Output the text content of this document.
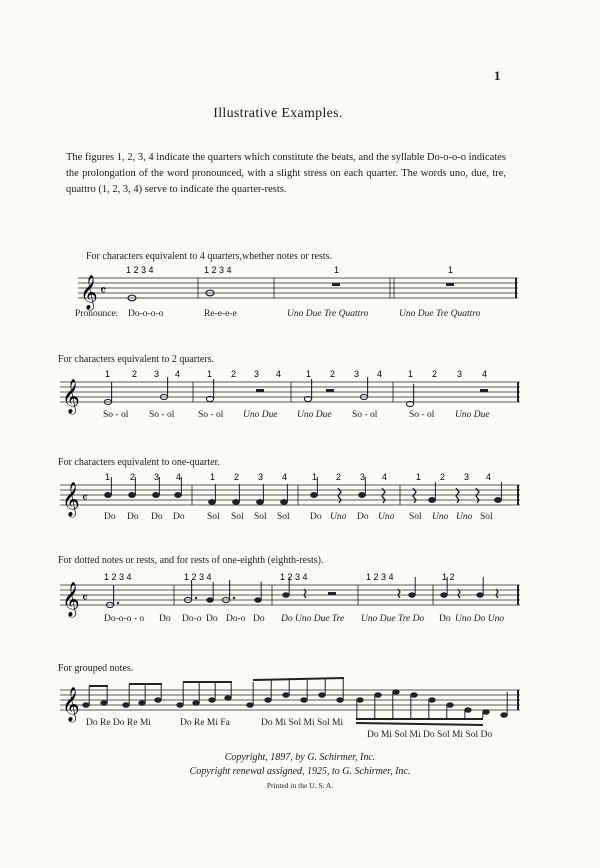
1
Illustrative Examples.
The figures 1, 2, 3, 4 indicate the quarters which constitute the beats, and the syllable Do-o-o-o indicates the prolongation of the word pronounced, with a slight stress on each quarter. The words uno, due, tre, quattro (1, 2, 3, 4) serve to indicate the quarter-rests.
For characters equivalent to 4 quarters,whether notes or rests.
𝄞 𝄴
1 2 3 4	1 2 3 4	1	1
Pronounce: Do-o-o-o	Re-e-e-e	Uno Due Tre Quattro	Uno Due Tre Quattro
For characters equivalent to 2 quarters.
𝄞
1 2 3 4	1 2 3 4	1 2 3 4	1 2 3 4
So - ol So - ol So - ol Uno Due Uno Due So - ol	So - ol Uno Due
For characters equivalent to one-quarter.
𝄞 𝄴
1 2 3 4	1 2 3 4	1 2 3 4	1 2 3 4
Do Do Do Do Sol Sol Sol Sol Do Uno Do Uno Sol Uno Uno Sol
For dotted notes or rests, and for rests of one-eighth (eighth-rests).
𝄞 𝄴
1 2 3 4	1 2 3 4	1 2 3 4	1 2 3 4	1 2
Do-o-o - o Do Do-o Do Do-o Do Do Uno Due Tre Uno Due Tre Do Do Uno Do Uno
For grouped notes.
𝄞
Do Re Do Re Mi	Do Re Mi Fa	Do Mi Sol Mi Sol Mi
Do Mi Sol Mi Do Sol Mi Sol Do
Copyright, 1897, by G. Schirmer, Inc.
Copyright renewal assigned, 1925, to G. Schirmer, Inc.
Printed in the U. S. A.
